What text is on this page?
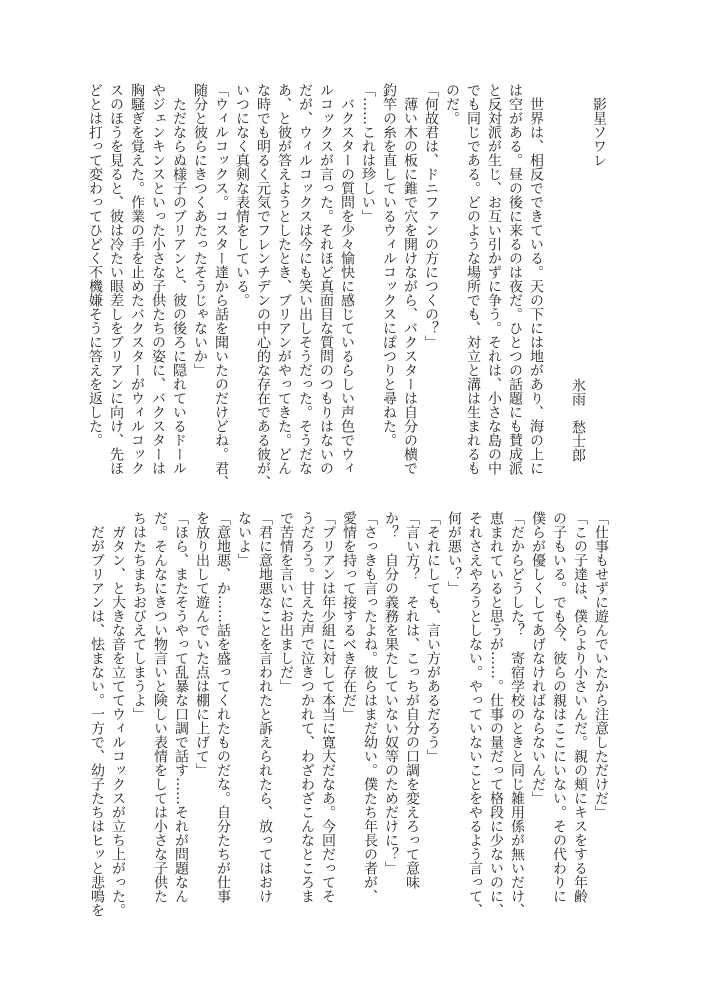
影星ソワレ
氷雨　愁士郎
世界は、相反でできている。天の下には地があり、海の上に
は空がある。昼の後に来るのは夜だ。ひとつの話題にも賛成派
と反対派が生じ、お互い引かずに争う。それは、小さな島の中
でも同じである。どのような場所でも、対立と溝は生まれるも
のだ。
「何故君は、ドニファンの方につくの？」
薄い木の板に錐で穴を開けながら、バクスターは自分の横で
釣竿の糸を直しているウィルコックスにぽつりと尋ねた。
「……これは珍しい」
バクスターの質問を少々愉快に感じているらしい声色でウィ
ルコックスが言った。それほど真面目な質問のつもりはないの
だが、ウィルコックスは今にも笑い出しそうだった。そうだな
あ、と彼が答えようとしたとき、ブリアンがやってきた。どん
な時でも明るく元気でフレンチデンの中心的な存在である彼が、
いつになく真剣な表情をしている。
「ウィルコックス。コスター達から話を聞いたのだけどね。君、
随分と彼らにきつくあたったそうじゃないか」
ただならぬ様子のブリアンと、彼の後ろに隠れているドール
やジェンキンスといった小さな子供たちの姿に、バクスターは
胸騒ぎを覚えた。作業の手を止めたバクスターがウィルコック
スのほうを見ると、彼は冷たい眼差しをブリアンに向け、先ほ
どとは打って変わってひどく不機嫌そうに答えを返した。
「仕事もせずに遊んでいたから注意しただけだ」
「この子達は、僕らより小さいんだ。親の頬にキスをする年齢
の子もいる。でも今、彼らの親はここにいない。その代わりに
僕らが優しくしてあげなければならないんだ」
「だからどうした？　寄宿学校のときと同じ雑用係が無いだけ、
恵まれていると思うが……。仕事の量だって格段に少ないのに、
それさえやろうとしない。やっていないことをやるよう言って、
何が悪い？」
「それにしても、言い方があるだろう」
「言い方？　それは、こっちが自分の口調を変えろって意味
か？　自分の義務を果たしていない奴等のためだけに？」
「さっきも言ったよね。彼らはまだ幼い。僕たち年長の者が、
愛情を持って接するべき存在だ」
「ブリアンは年少組に対して本当に寛大だなあ。今回だってそ
うだろう。甘えた声で泣きつかれて、わざわざこんなところま
で苦情を言いにお出ましだ」
「君に意地悪なことを言われたと訴えられたら、放ってはおけ
ないよ」
「意地悪、か……話を盛ってくれたものだな。自分たちが仕事
を放り出して遊んでいた点は棚に上げて」
「ほら、またそうやって乱暴な口調で話す……それが問題なん
だ。そんなにきつい物言いと険しい表情をしては小さな子供た
ちはたちまちおびえてしまうよ」
ガタン、と大きな音を立ててウィルコックスが立ち上がった。
だがブリアンは、怯まない。一方で、幼子たちはヒッと悲鳴を
